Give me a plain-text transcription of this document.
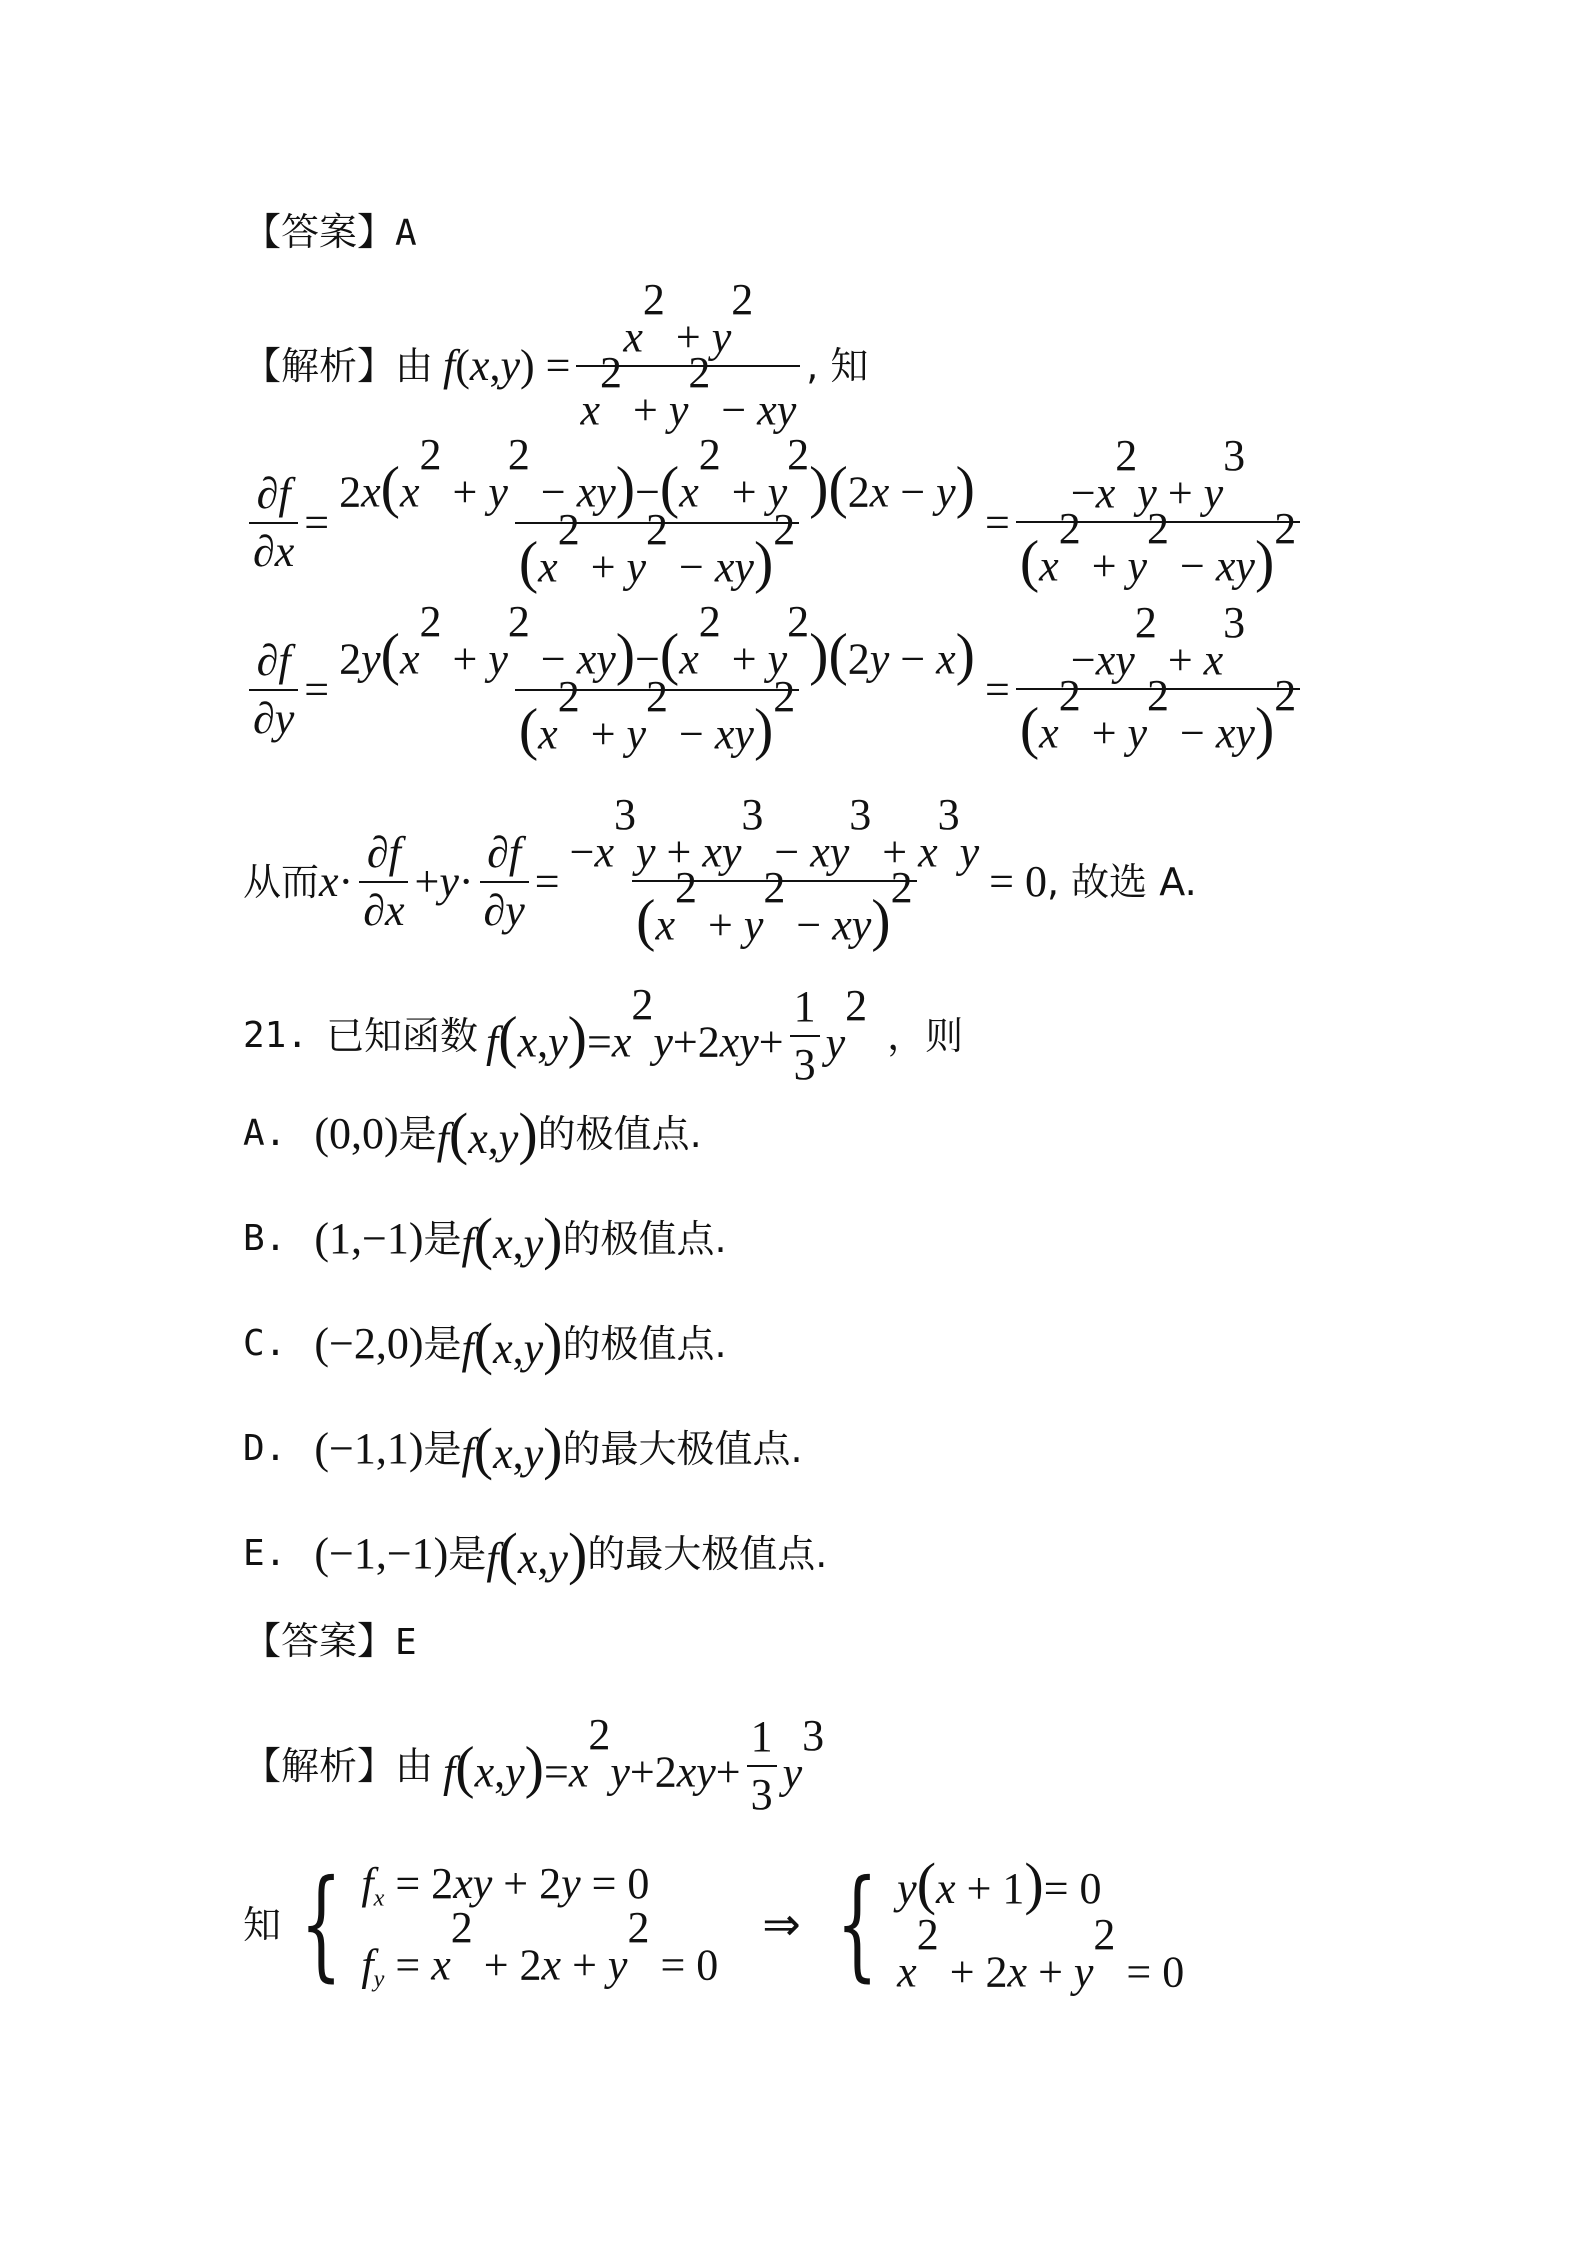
【答案】A
【解析】 由 $f(x,y) = \frac{x^2 + y^2}{x^2 + y^2 - xy}$ , 知
$\frac{\partial f}{\partial x} = \frac{2x(x^2 + y^2 - xy)-(x^2 + y^2)(2x - y)}{(x^2 + y^2 - xy)^2} = \frac{-x^2y + y^3}{(x^2 + y^2 - xy)^2}$
$\frac{\partial f}{\partial y} = \frac{2y(x^2 + y^2 - xy)-(x^2 + y^2)(2y - x)}{(x^2 + y^2 - xy)^2} = \frac{-xy^2 + x^3}{(x^2 + y^2 - xy)^2}$
从而 $x\cdot \frac{\partial f}{\partial x} +y\cdot \frac{\partial f}{\partial y} = \frac{-x^3y + xy^3 - xy^3 + x^3y}{(x^2 + y^2 - xy)^2} = 0$ , 故选 A.
21. 已知函数 $f(x,y)=x^2y+2xy+ \frac{1}{3} y^2$
，则
A. (0,0) 是 f(x,y) 的极值点.
B. (1,−1) 是 f(x,y) 的极值点.
C. (−2,0) 是 f(x,y) 的极值点.
D. (−1,1) 是 f(x,y) 的最大极值点.
E. (−1,−1) 是 f(x,y) 的最大极值点.
【答案】E
【解析】 由 $f(x,y)=x^2y+2xy+ \frac{1}{3} y^3$
知 { $f_x = 2xy + 2y = 0$
$f_y = x^2 + 2x + y^2 = 0$
⇒ { y(x + 1)= 0
$x^2 + 2x + y^2 = 0$
